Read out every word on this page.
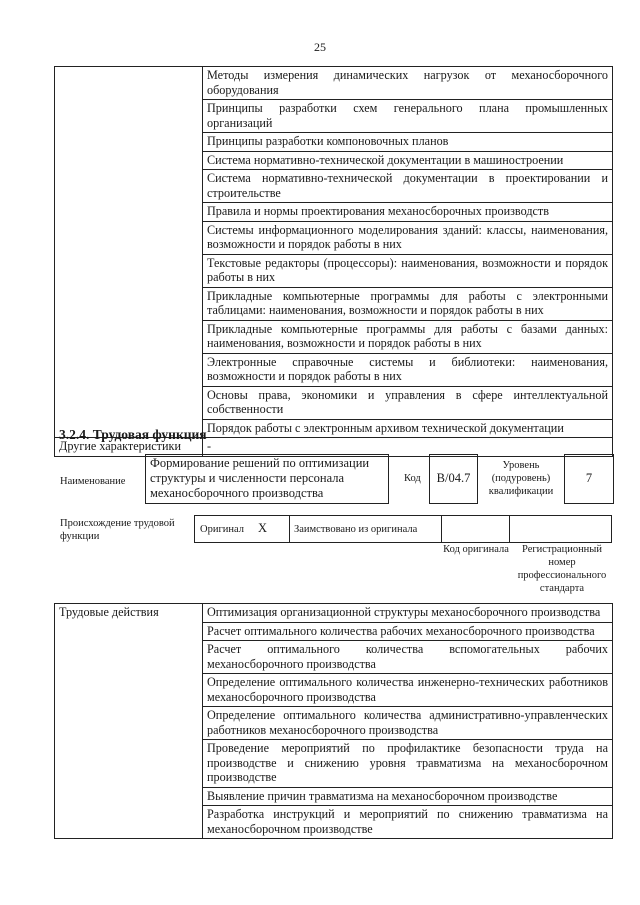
25
	Методы измерения динамических нагрузок от механосборочного оборудования
	Принципы разработки схем генерального плана промышленных организаций
	Принципы разработки компоновочных планов
	Система нормативно-технической документации в машиностроении
	Система нормативно-технической документации в проектировании и строительстве
	Правила и нормы проектирования механосборочных производств
	Системы информационного моделирования зданий: классы, наименования, возможности и порядок работы в них
	Текстовые редакторы (процессоры): наименования, возможности и порядок работы в них
	Прикладные компьютерные программы для работы с электронными таблицами: наименования, возможности и порядок работы в них
	Прикладные компьютерные программы для работы с базами данных: наименования, возможности и порядок работы в них
	Электронные справочные системы и библиотеки: наименования, возможности и порядок работы в них
	Основы права, экономики и управления в сфере интеллектуальной собственности
	Порядок работы с электронным архивом технической документации
Другие характеристики	-
3.2.4. Трудовая функция
Наименование
Формирование решений по оптимизации структуры и численности персонала механосборочного производства
Код	B/04.7
Уровень (подуровень) квалификации
7
Происхождение трудовой функции
Оригинал X	Заимствовано из оригинала
Код оригинала	Регистрационный номер профессионального стандарта
Трудовые действия	Оптимизация организационной структуры механосборочного производства
Расчет оптимального количества рабочих механосборочного производства
Расчет оптимального количества вспомогательных рабочих механосборочного производства
Определение оптимального количества инженерно-технических работников механосборочного производства
Определение оптимального количества административно-управленческих работников механосборочного производства
Проведение мероприятий по профилактике безопасности труда на производстве и снижению уровня травматизма на механосборочном производстве
Выявление причин травматизма на механосборочном производстве
Разработка инструкций и мероприятий по снижению травматизма на механосборочном производстве
